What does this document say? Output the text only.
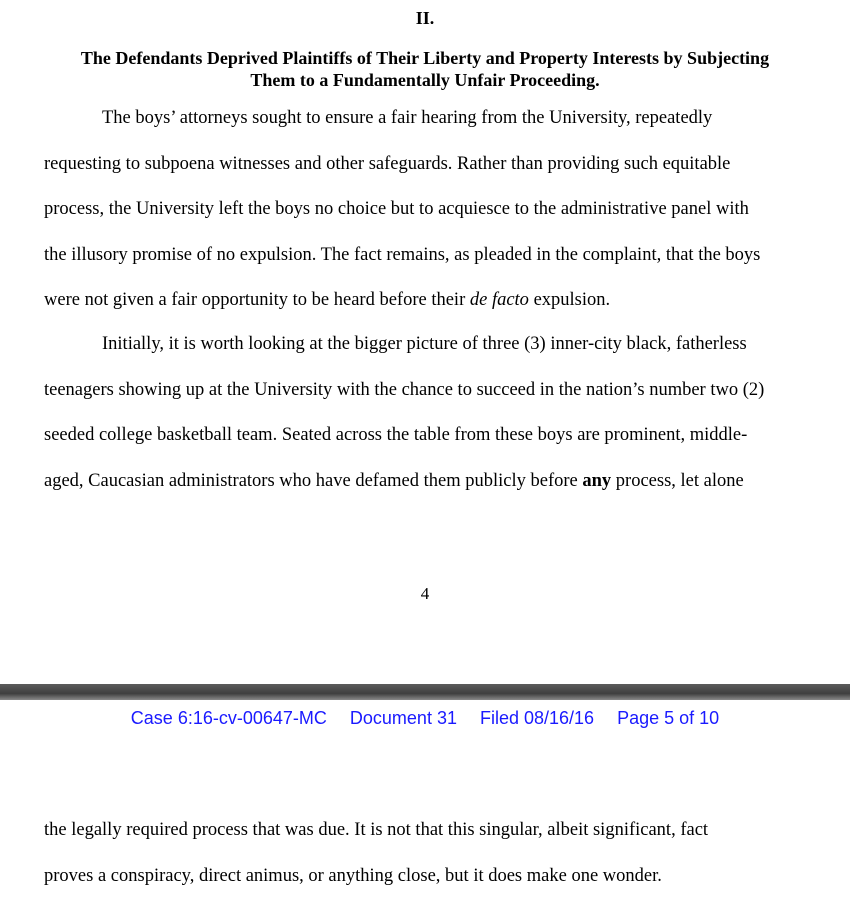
II.
The Defendants Deprived Plaintiffs of Their Liberty and Property Interests by Subjecting
Them to a Fundamentally Unfair Proceeding.
The boys’ attorneys sought to ensure a fair hearing from the University, repeatedly
requesting to subpoena witnesses and other safeguards. Rather than providing such equitable
process, the University left the boys no choice but to acquiesce to the administrative panel with
the illusory promise of no expulsion. The fact remains, as pleaded in the complaint, that the boys
were not given a fair opportunity to be heard before their de facto expulsion.
Initially, it is worth looking at the bigger picture of three (3) inner-city black, fatherless
teenagers showing up at the University with the chance to succeed in the nation’s number two (2)
seeded college basketball team. Seated across the table from these boys are prominent, middle-
aged, Caucasian administrators who have defamed them publicly before any process, let alone
4
Case 6:16-cv-00647-MC Document 31 Filed 08/16/16 Page 5 of 10
the legally required process that was due. It is not that this singular, albeit significant, fact
proves a conspiracy, direct animus, or anything close, but it does make one wonder.
